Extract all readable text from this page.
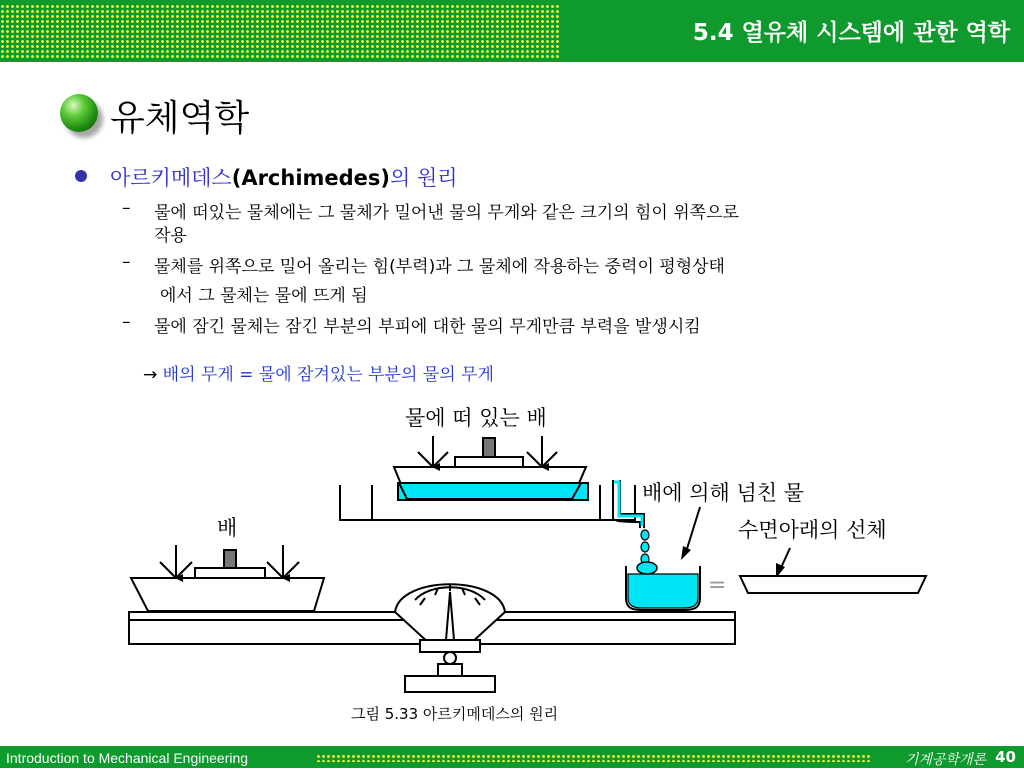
5.4 열유체 시스템에 관한 역학
유체역학
아르키메데스(Archimedes)의 원리
– 물에 떠있는 물체에는 그 물체가 밀어낸 물의 무게와 같은 크기의 힘이 위쪽으로
작용
– 물체를 위쪽으로 밀어 올리는 힘(부력)과 그 물체에 작용하는 중력이 평형상태
에서 그 물체는 물에 뜨게 됨
– 물에 잠긴 물체는 잠긴 부분의 부피에 대한 물의 무게만큼 부력을 발생시킴
→ 배의 무게 = 물에 잠겨있는 부분의 물의 무게
물에 떠 있는 배
배
배에 의해 넘친 물
수면아래의 선체
=
그림 5.33 아르키메데스의 원리
Introduction to Mechanical Engineering	기계공학개론 40
